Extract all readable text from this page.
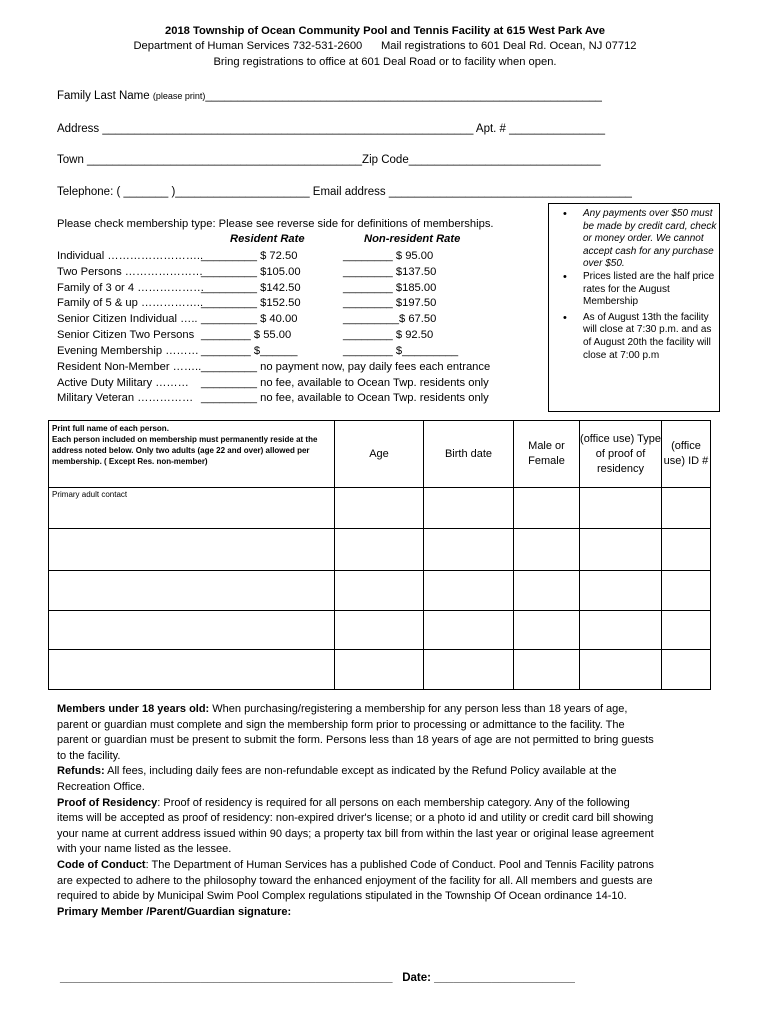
2018 Township of Ocean Community Pool and Tennis Facility at 615 West Park Ave
Department of Human Services 732-531-2600 Mail registrations to 601 Deal Rd. Ocean, NJ 07712
Bring registrations to office at 601 Deal Road or to facility when open.
Family Last Name (please print)______________________________________________________________
Address __________________________________________________________ Apt. # _______________
Town ___________________________________________Zip Code______________________________
Telephone: ( _______ )_____________________ Email address ______________________________________
Please check membership type: Please see reverse side for definitions of memberships.
Resident Rate	Non-resident Rate
Individual ……………………..
_________ $ 72.50	________ $ 95.00
Two Persons …………………
_________ $105.00	________ $137.50
Family of 3 or 4 ………………
_________ $142.50	________ $185.00
Family of 5 & up ……………..
_________ $152.50	________ $197.50
Senior Citizen Individual ….. _________ $ 40.00	_________$ 67.50
Senior Citizen Two Persons ________ $ 55.00	________ $ 92.50
Evening Membership ……… ________ $______	________ $_________
Resident Non-Member …….. _________ no payment now, pay daily fees each entrance
Active Duty Military ……… _________ no fee, available to Ocean Twp. residents only
Military Veteran …………… _________ no fee, available to Ocean Twp. residents only
• Any payments over $50 must be made by credit card, check or money order. We cannot accept cash for any purchase over $50.
• Prices listed are the half price rates for the August Membership
• As of August 13th the facility will close at 7:30 p.m. and as of August 20th the facility will close at 7:00 p.m
Print full name of each person.
Each person included on membership must permanently reside at the address noted below. Only two adults (age 22 and over) allowed per membership. ( Except Res. non-member)	Age	Birth date	Male or Female	(office use) Type of proof of residency	(office use) ID #
Primary adult contact					

Members under 18 years old: When purchasing/registering a membership for any person less than 18 years of age, parent or guardian must complete and sign the membership form prior to processing or admittance to the facility. The parent or guardian must be present to submit the form. Persons less than 18 years of age are not permitted to bring guests to the facility.

Refunds: All fees, including daily fees are non-refundable except as indicated by the Refund Policy available at the Recreation Office.

Proof of Residency: Proof of residency is required for all persons on each membership category. Any of the following items will be accepted as proof of residency: non-expired driver's license; or a photo id and utility or credit card bill showing your name at current address issued within 90 days; a property tax bill from within the last year or original lease agreement with your name listed as the lessee.

Code of Conduct: The Department of Human Services has a published Code of Conduct. Pool and Tennis Facility patrons are expected to adhere to the philosophy toward the enhanced enjoyment of the facility for all. All members and guests are required to abide by Municipal Swim Pool Complex regulations stipulated in the Township Of Ocean ordinance 14-10.

Primary Member /Parent/Guardian signature:

____________________________________________________ Date: ______________________
